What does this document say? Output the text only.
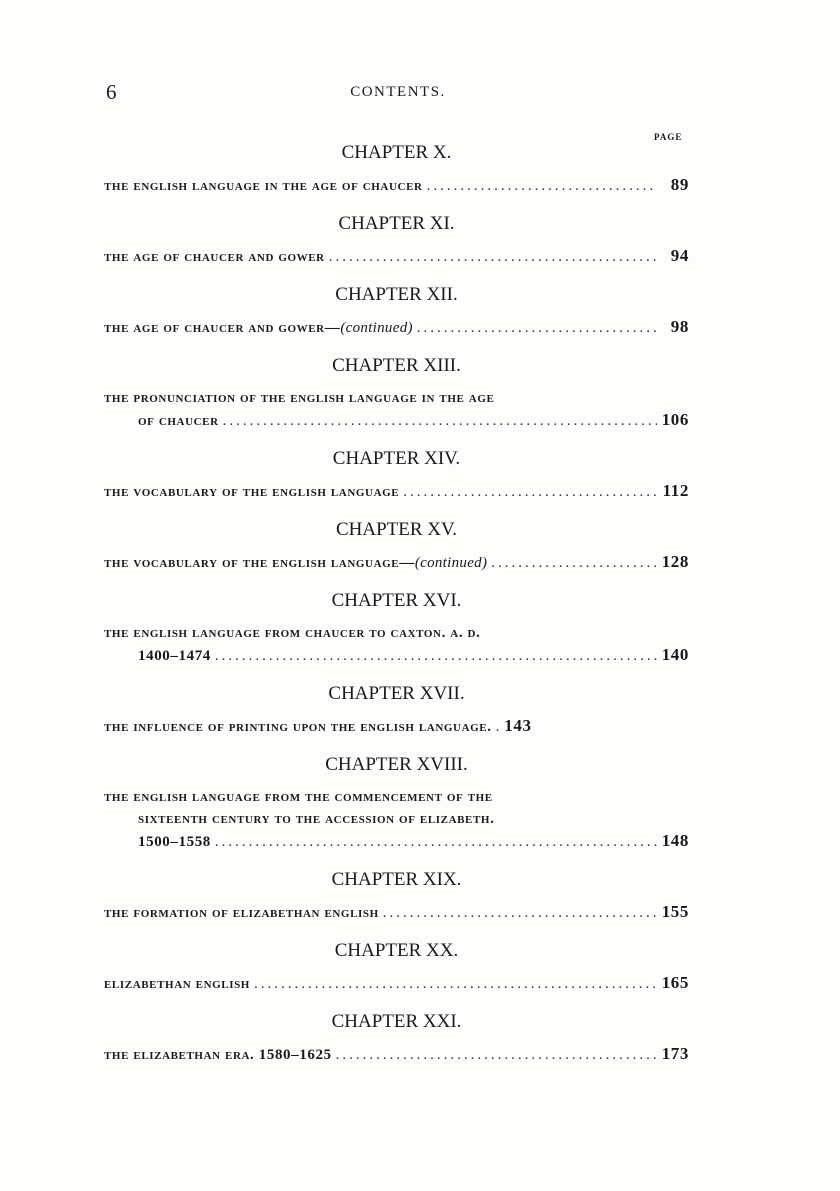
6	CONTENTS.
PAGE
CHAPTER X.
the english language in the age of chaucer .....	89
CHAPTER XI.
the age of chaucer and gower .....	94
CHAPTER XII.
the age of chaucer and gower— (continued) .....	98
CHAPTER XIII.
the pronunciation of the english language in the age
of chaucer .....	106
CHAPTER XIV.
the vocabulary of the english language .....	112
CHAPTER XV.
the vocabulary of the english language— (continued) .....	128
CHAPTER XVI.
the english language from chaucer to caxton. a. d.
1400–1474 .....	140
CHAPTER XVII.
the influence of printing upon the english language. ..... 143
CHAPTER XVIII.
the english language from the commencement of the
sixteenth century to the accession of elizabeth.
1500–1558 .....	148
CHAPTER XIX.
the formation of elizabethan english .....	155
CHAPTER XX.
elizabethan english .....	165
CHAPTER XXI.
the elizabethan era. 1580–1625 .....	173
